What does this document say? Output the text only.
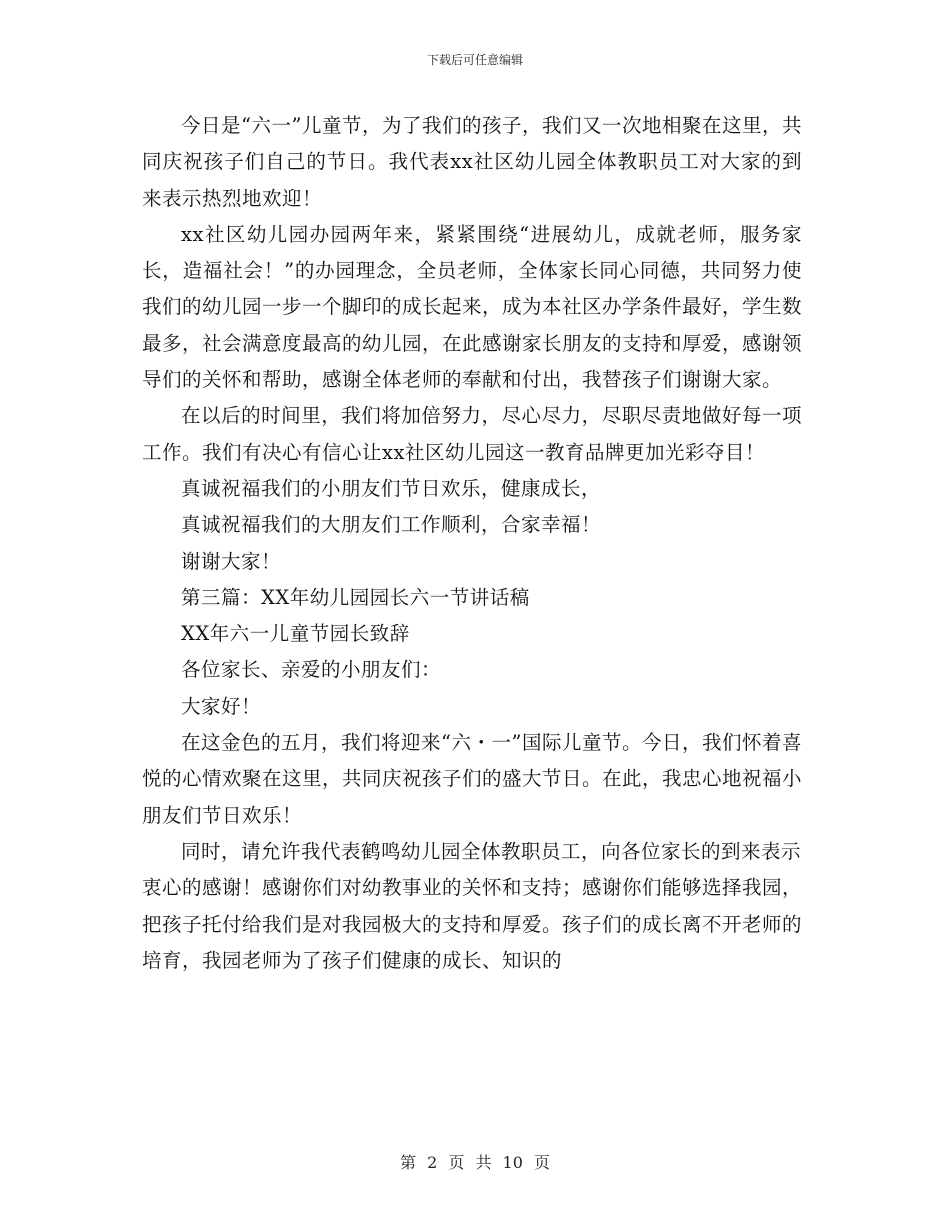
下载后可任意编辑

今日是“六一”儿童节，为了我们的孩子，我们又一次地相聚在这里，共同庆祝孩子们自己的节日。我代表xx社区幼儿园全体教职员工对大家的到来表示热烈地欢迎！

xx社区幼儿园办园两年来，紧紧围绕“进展幼儿，成就老师，服务家长，造福社会！”的办园理念，全员老师，全体家长同心同德，共同努力使我们的幼儿园一步一个脚印的成长起来，成为本社区办学条件最好，学生数最多，社会满意度最高的幼儿园，在此感谢家长朋友的支持和厚爱，感谢领导们的关怀和帮助，感谢全体老师的奉献和付出，我替孩子们谢谢大家。

在以后的时间里，我们将加倍努力，尽心尽力，尽职尽责地做好每一项工作。我们有决心有信心让xx社区幼儿园这一教育品牌更加光彩夺目！

真诚祝福我们的小朋友们节日欢乐，健康成长，

真诚祝福我们的大朋友们工作顺利，合家幸福！

谢谢大家！

第三篇：XX年幼儿园园长六一节讲话稿

XX年六一儿童节园长致辞

各位家长、亲爱的小朋友们：

大家好！

在这金色的五月，我们将迎来“六・一”国际儿童节。今日，我们怀着喜悦的心情欢聚在这里，共同庆祝孩子们的盛大节日。在此，我忠心地祝福小朋友们节日欢乐！

同时，请允许我代表鹤鸣幼儿园全体教职员工，向各位家长的到来表示衷心的感谢！感谢你们对幼教事业的关怀和支持；感谢你们能够选择我园，把孩子托付给我们是对我园极大的支持和厚爱。孩子们的成长离不开老师的培育，我园老师为了孩子们健康的成长、知识的

第 2 页 共 10 页
